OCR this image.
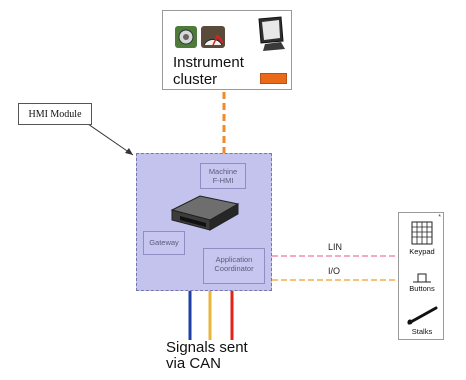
Instrument
cluster
HMI Module
Machine
F-HMI
Gateway
Application
Coordinator
LIN
I/O
*
Keypad
Buttons
Stalks
Signals sent
via CAN
